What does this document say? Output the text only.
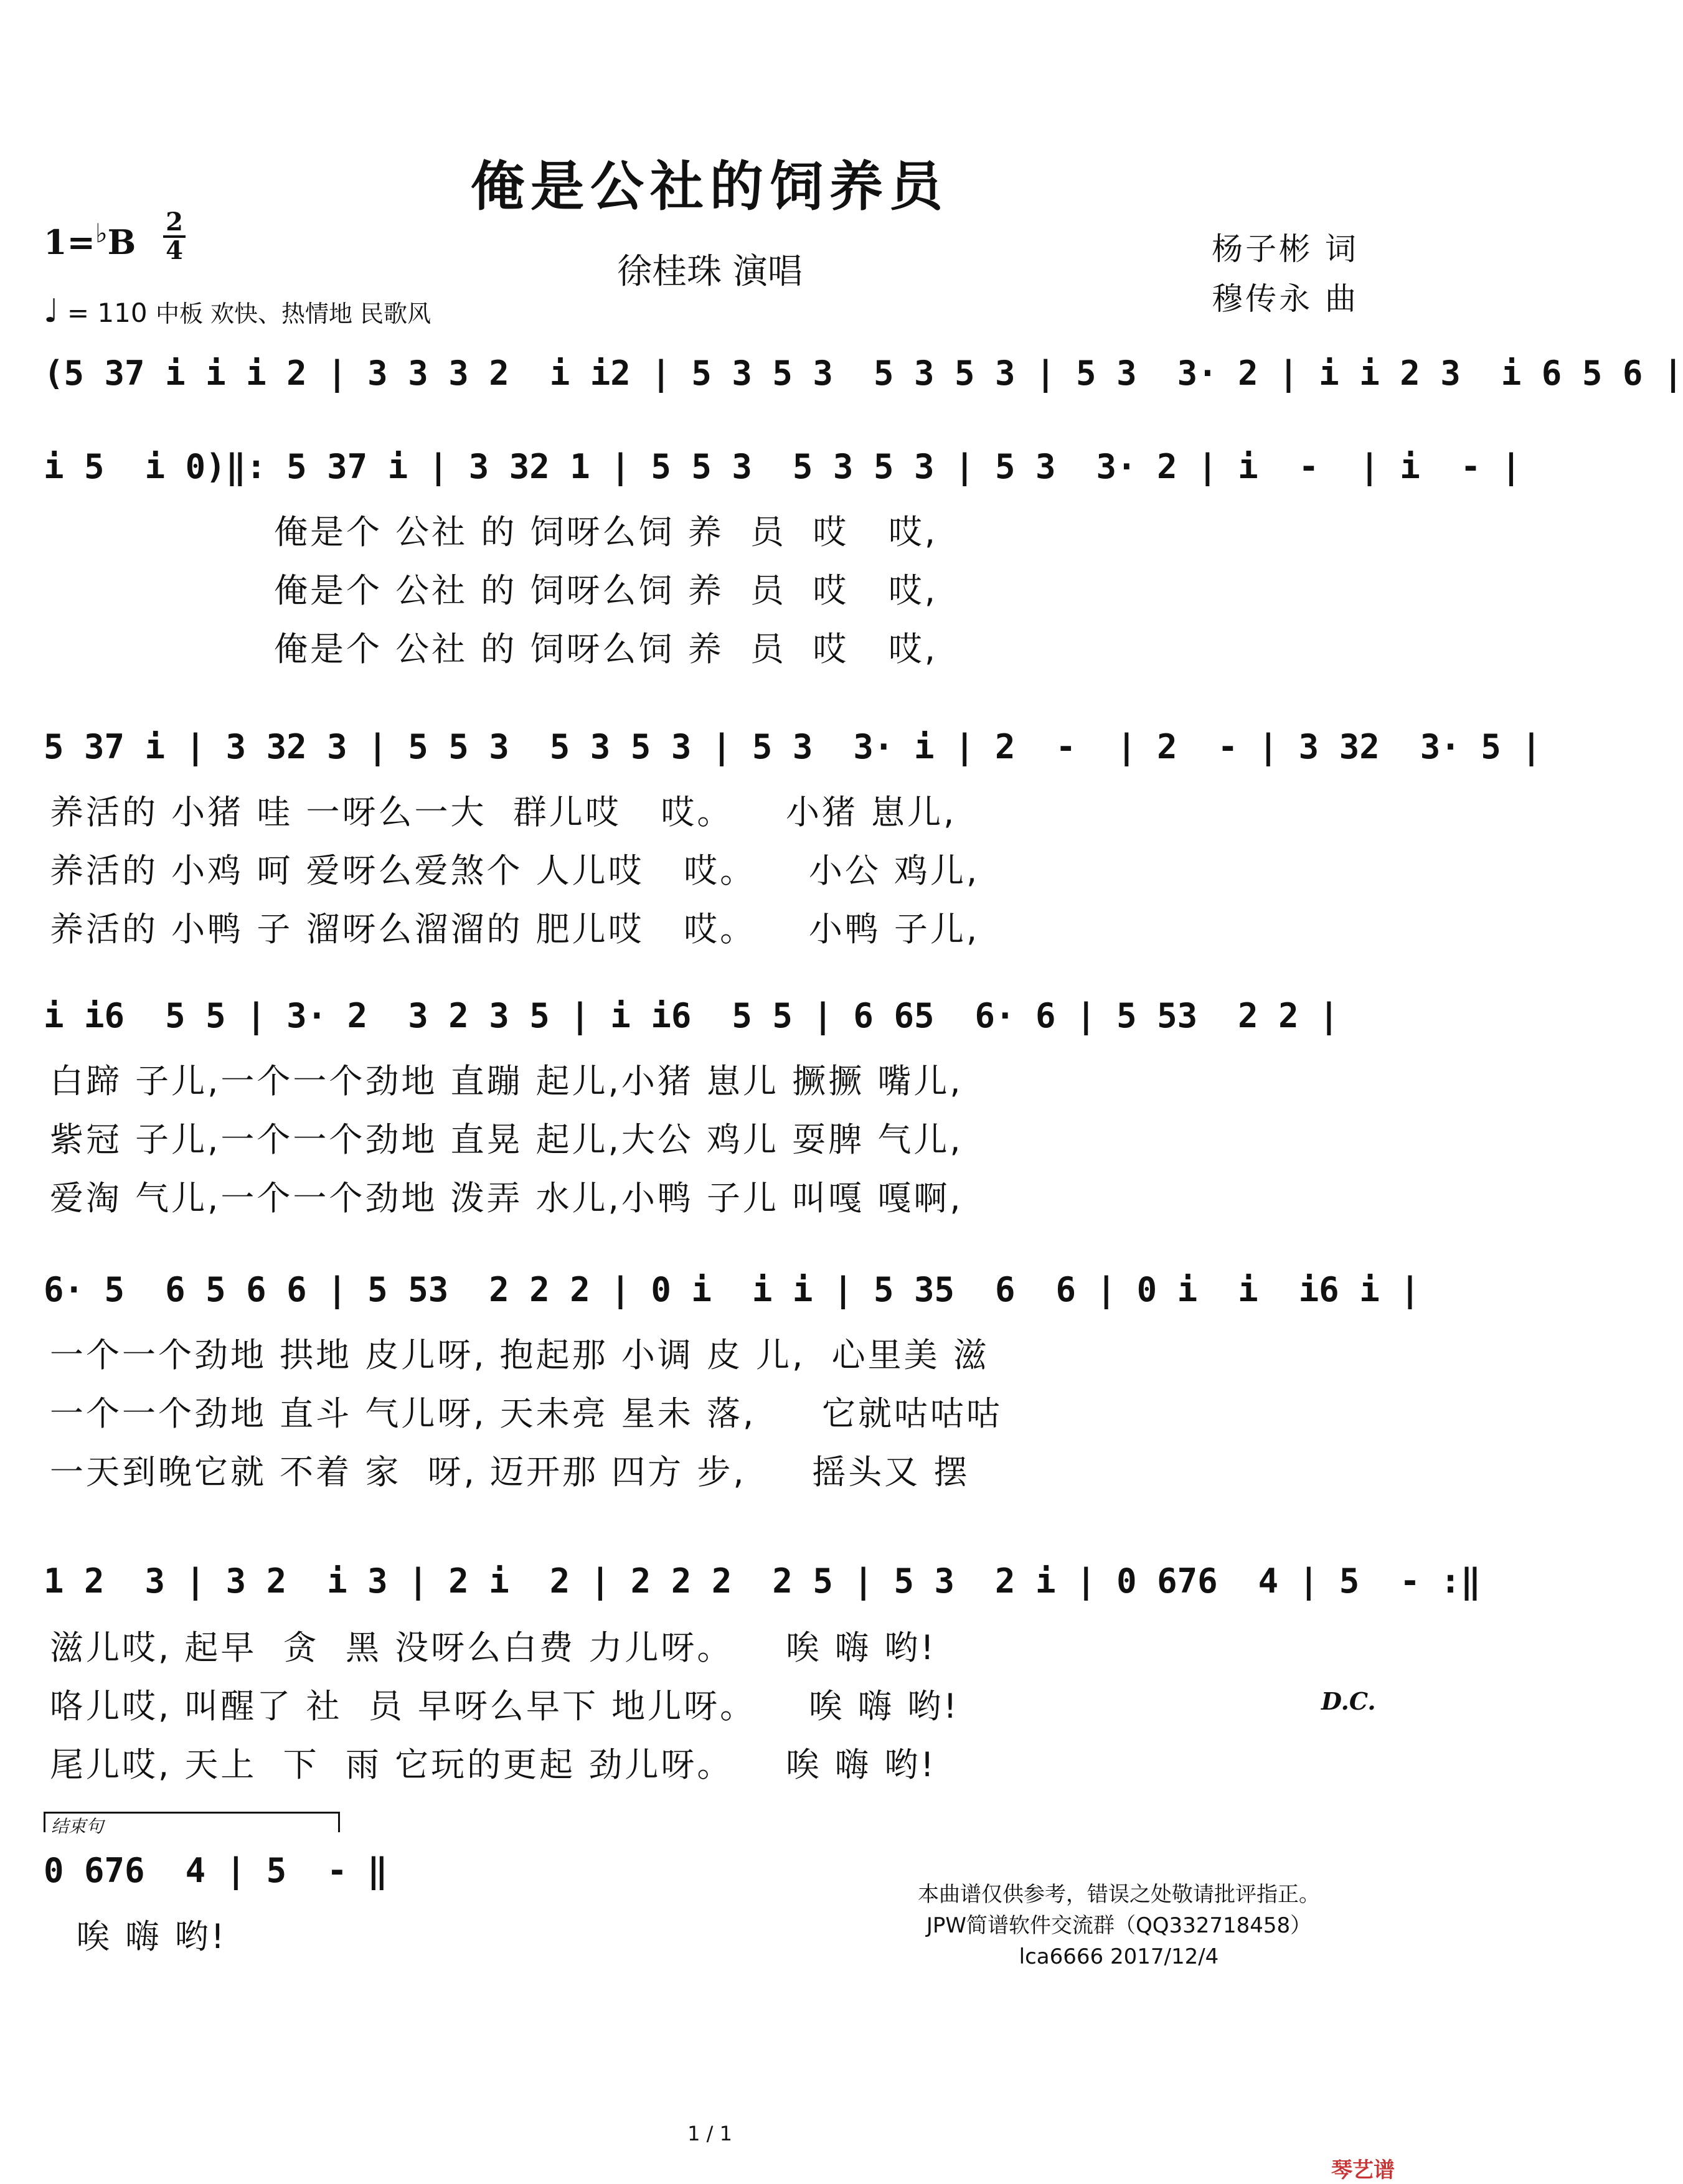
俺是公社的饲养员
1=♭B
2
4
徐桂珠 演唱
杨子彬 词
穆传永 曲
♩ = 110 中板 欢快、热情地 民歌风
(5 37 i i i 2 | 3 3 3 2  i i2 | 5 3 5 3  5 3 5 3 | 5 3  3· 2 | i i 2 3  i 6 5 6 |
i 5  i 0)‖: 5 37 i | 3 32 1 | 5 5 3  5 3 5 3 | 5 3  3· 2 | i  -  | i  - |
俺是个 公社 的 饲呀么饲 养  员  哎   哎,
俺是个 公社 的 饲呀么饲 养  员  哎   哎,
俺是个 公社 的 饲呀么饲 养  员  哎   哎,
5 37 i | 3 32 3 | 5 5 3  5 3 5 3 | 5 3  3· i | 2  -  | 2  - | 3 32  3· 5 |
养活的 小猪 哇 一呀么一大  群儿哎   哎。    小猪 崽儿,
养活的 小鸡 呵 爱呀么爱煞个 人儿哎   哎。    小公 鸡儿,
养活的 小鸭 子 溜呀么溜溜的 肥儿哎   哎。    小鸭 子儿,
i i6  5 5 | 3· 2  3 2 3 5 | i i6  5 5 | 6 65  6· 6 | 5 53  2 2 |
白蹄 子儿,一个一个劲地 直蹦 起儿,小猪 崽儿 撅撅 嘴儿,
紫冠 子儿,一个一个劲地 直晃 起儿,大公 鸡儿 耍脾 气儿,
爱淘 气儿,一个一个劲地 泼弄 水儿,小鸭 子儿 叫嘎 嘎啊,
6· 5  6 5 6 6 | 5 53  2 2 2 | 0 i  i i | 5 35  6  6 | 0 i  i  i6 i |
一个一个劲地 拱地 皮儿呀, 抱起那 小调 皮 儿,  心里美 滋
一个一个劲地 直斗 气儿呀, 天未亮 星未 落,     它就咕咕咕
一天到晚它就 不着 家  呀, 迈开那 四方 步,     摇头又 摆
1 2  3 | 3 2  i 3 | 2 i  2 | 2 2 2  2 5 | 5 3  2 i | 0 676  4 | 5  - :‖
滋儿哎, 起早  贪  黑 没呀么白费 力儿呀。    唉 嗨 哟!
咯儿哎, 叫醒了 社  员 早呀么早下 地儿呀。    唉 嗨 哟!
尾儿哎, 天上  下  雨 它玩的更起 劲儿呀。    唉 嗨 哟!
D.C.
结束句
0 676  4 | 5  - ‖
唉 嗨 哟!
本曲谱仅供参考，错误之处敬请批评指正。
JPW简谱软件交流群（QQ332718458）
lca6666 2017/12/4
1 / 1
琴艺谱
